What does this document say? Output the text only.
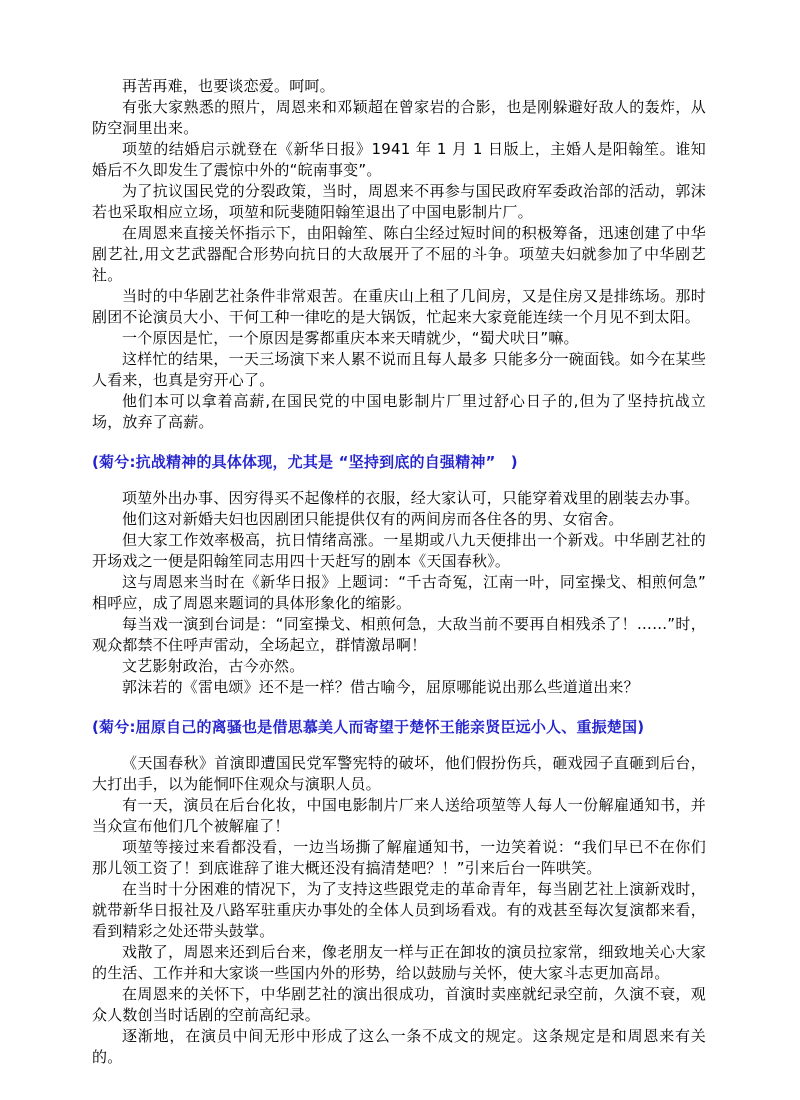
再苦再难，也要谈恋爱。呵呵。

有张大家熟悉的照片，周恩来和邓颖超在曾家岩的合影，也是刚躲避好敌人的轰炸，从防空洞里出来。

项堃的结婚启示就登在《新华日报》1941 年 1 月 1 日版上，主婚人是阳翰笙。谁知婚后不久即发生了震惊中外的“皖南事变”。

为了抗议国民党的分裂政策，当时，周恩来不再参与国民政府军委政治部的活动，郭沫若也采取相应立场，项堃和阮斐随阳翰笙退出了中国电影制片厂。

在周恩来直接关怀指示下，由阳翰笙、陈白尘经过短时间的积极筹备，迅速创建了中华剧艺社,用文艺武器配合形势向抗日的大敌展开了不屈的斗争。项堃夫妇就参加了中华剧艺社。

当时的中华剧艺社条件非常艰苦。在重庆山上租了几间房，又是住房又是排练场。那时剧团不论演员大小、干何工种一律吃的是大锅饭，忙起来大家竟能连续一个月见不到太阳。

一个原因是忙，一个原因是雾都重庆本来天晴就少，“蜀犬吠日”嘛。

这样忙的结果，一天三场演下来人累不说而且每人最多 只能多分一碗面钱。如今在某些人看来，也真是穷开心了。

他们本可以拿着高薪,在国民党的中国电影制片厂里过舒心日子的,但为了坚持抗战立场，放弃了高薪。

(菊兮:抗战精神的具体体现，尤其是 “坚持到底的自强精神”　)

项堃外出办事、因穷得买不起像样的衣服，经大家认可，只能穿着戏里的剧装去办事。

他们这对新婚夫妇也因剧团只能提供仅有的两间房而各住各的男、女宿舍。

但大家工作效率极高，抗日情绪高涨。一星期或八九天便排出一个新戏。中华剧艺社的开场戏之一便是阳翰笙同志用四十天赶写的剧本《天国春秋》。

这与周恩来当时在《新华日报》上题词：“千古奇冤，江南一叶，同室操戈、相煎何急”相呼应，成了周恩来题词的具体形象化的缩影。

每当戏一演到台词是：“同室操戈、相煎何急，大敌当前不要再自相残杀了！……”时，观众都禁不住呼声雷动，全场起立，群情激昂啊！

文艺影射政治，古今亦然。

郭沫若的《雷电颂》还不是一样？借古喻今，屈原哪能说出那么些道道出来？

(菊兮:屈原自己的离骚也是借思慕美人而寄望于楚怀王能亲贤臣远小人、重振楚国)

《天国春秋》首演即遭国民党军警宪特的破坏，他们假扮伤兵，砸戏园子直砸到后台，大打出手，以为能恫吓住观众与演职人员。

有一天，演员在后台化妆，中国电影制片厂来人送给项堃等人每人一份解雇通知书，并当众宣布他们几个被解雇了！

项堃等接过来看都没看，一边当场撕了解雇通知书，一边笑着说：“我们早已不在你们那儿领工资了！到底谁辞了谁大概还没有搞清楚吧？！”引来后台一阵哄笑。

在当时十分困难的情况下，为了支持这些跟党走的革命青年，每当剧艺社上演新戏时，就带新华日报社及八路军驻重庆办事处的全体人员到场看戏。有的戏甚至每次复演都来看，看到精彩之处还带头鼓掌。

戏散了，周恩来还到后台来，像老朋友一样与正在卸妆的演员拉家常，细致地关心大家的生活、工作并和大家谈一些国内外的形势，给以鼓励与关怀，使大家斗志更加高昂。

在周恩来的关怀下，中华剧艺社的演出很成功，首演时卖座就纪录空前，久演不衰，观众人数创当时话剧的空前高纪录。

逐渐地，在演员中间无形中形成了这么一条不成文的规定。这条规定是和周恩来有关的。
